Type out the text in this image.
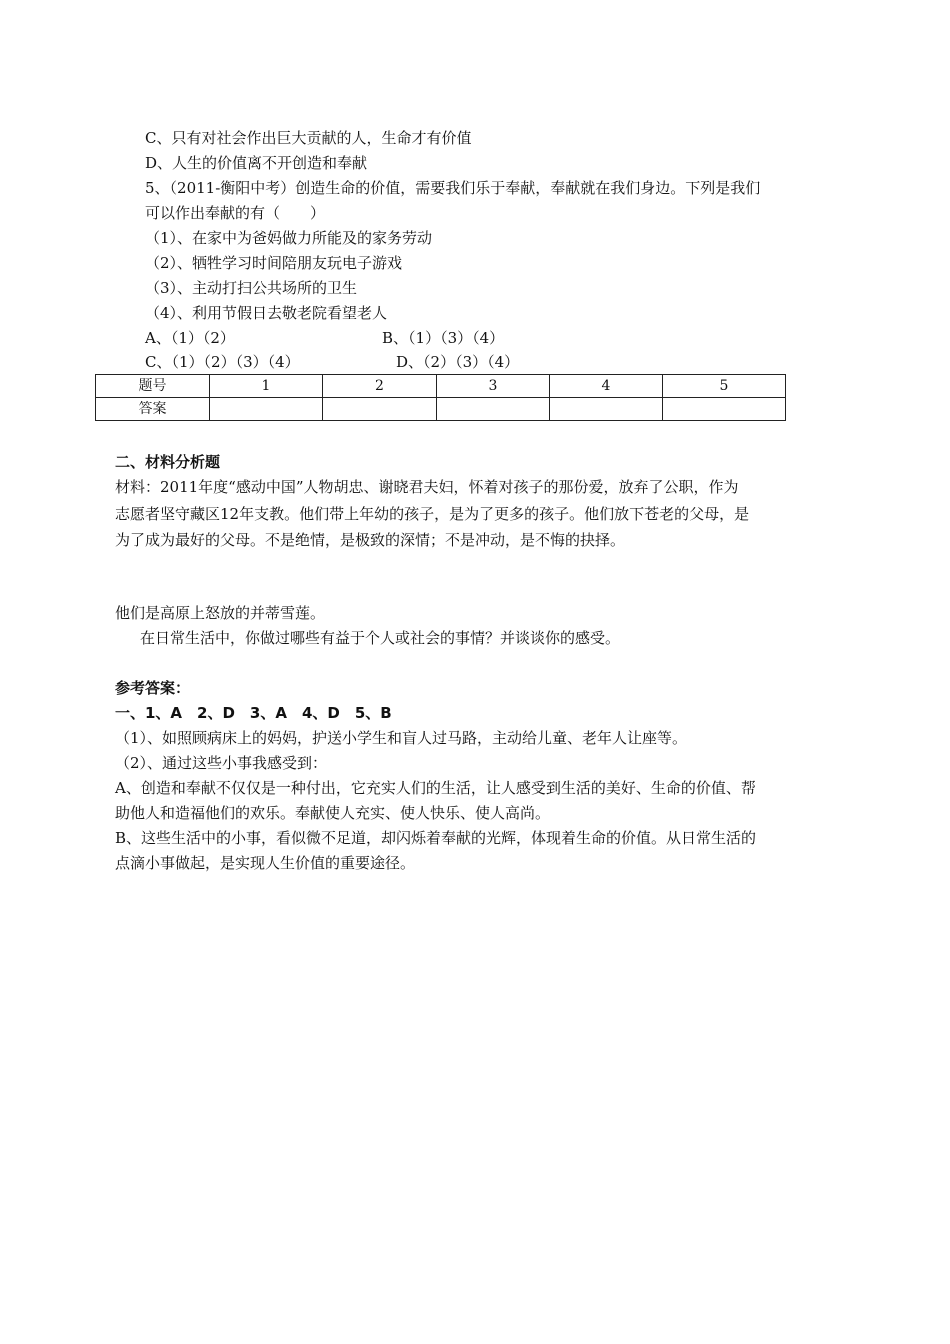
C、只有对社会作出巨大贡献的人，生命才有价值
D、人生的价值离不开创造和奉献
5、（2011-衡阳中考）创造生命的价值，需要我们乐于奉献，奉献就在我们身边。下列是我们
可以作出奉献的有（　　）
（1）、在家中为爸妈做力所能及的家务劳动
（2）、牺牲学习时间陪朋友玩电子游戏
（3）、主动打扫公共场所的卫生
（4）、利用节假日去敬老院看望老人
A、（1）（2）	B、（1）（3）（4）
C、（1）（2）（3）（4）	D、（2）（3）（4）
题号	1	2	3	4	5
答案					
二、材料分析题
材料：2011年度“感动中国”人物胡忠、谢晓君夫妇，怀着对孩子的那份爱，放弃了公职，作为
志愿者坚守藏区12年支教。他们带上年幼的孩子，是为了更多的孩子。他们放下苍老的父母，是
为了成为最好的父母。不是绝情，是极致的深情；不是冲动，是不悔的抉择。
他们是高原上怒放的并蒂雪莲。
在日常生活中，你做过哪些有益于个人或社会的事情？并谈谈你的感受。
参考答案：
一、1、A　2、D　3、A　4、D　5、B
（1）、如照顾病床上的妈妈，护送小学生和盲人过马路，主动给儿童、老年人让座等。
（2）、通过这些小事我感受到：
A、创造和奉献不仅仅是一种付出，它充实人们的生活，让人感受到生活的美好、生命的价值、帮
助他人和造福他们的欢乐。奉献使人充实、使人快乐、使人高尚。
B、这些生活中的小事，看似微不足道，却闪烁着奉献的光辉，体现着生命的价值。从日常生活的
点滴小事做起，是实现人生价值的重要途径。
